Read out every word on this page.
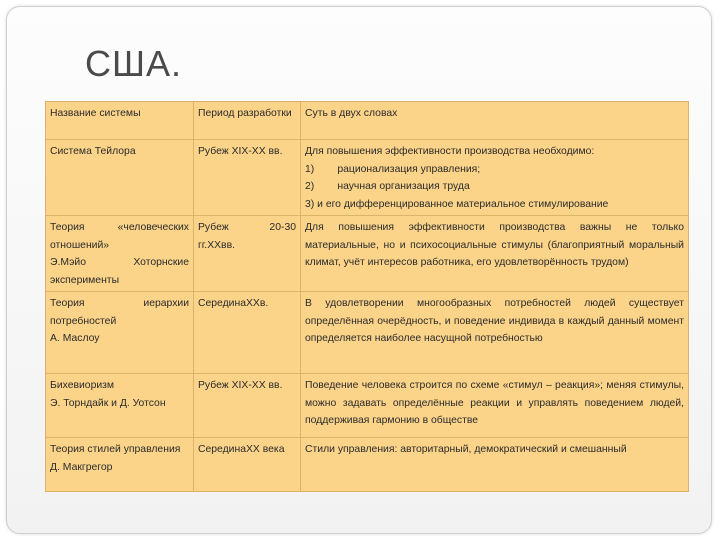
США.
Название системы	Период разработки	Суть в двух словах
Система Тейлора	Рубеж XIX-XX вв.	Для повышения эффективности производства необходимо:
1)        рационализация управления;
2)        научная организация труда
3) и его дифференцированное материальное стимулирование

Теория «человеческих отношений»
Э.Мэйо Хоторнские эксперименты	Рубеж 20-30 гг.XXвв.	Для повышения эффективности производства важны не только материальные, но и психосоциальные стимулы (благоприятный моральный климат, учёт интересов работника, его удовлетворённость трудом)

Теория иерархии потребностей
А. Маслоу	СерединаXXв.	В удовлетворении многообразных потребностей людей существует определённая очерёдность, и поведение индивида в каждый данный момент определяется наиболее насущной потребностью

Бихевиоризм
Э. Торндайк и Д. Уотсон	Рубеж XIX-XX вв.	Поведение человека строится по схеме «стимул – реакция»; меняя стимулы, можно задавать определённые реакции и управлять поведением людей, поддерживая гармонию в обществе

Теория стилей управления
Д. Макгрегор	СерединаXX века	Стили управления: авторитарный, демократический и смешанный
